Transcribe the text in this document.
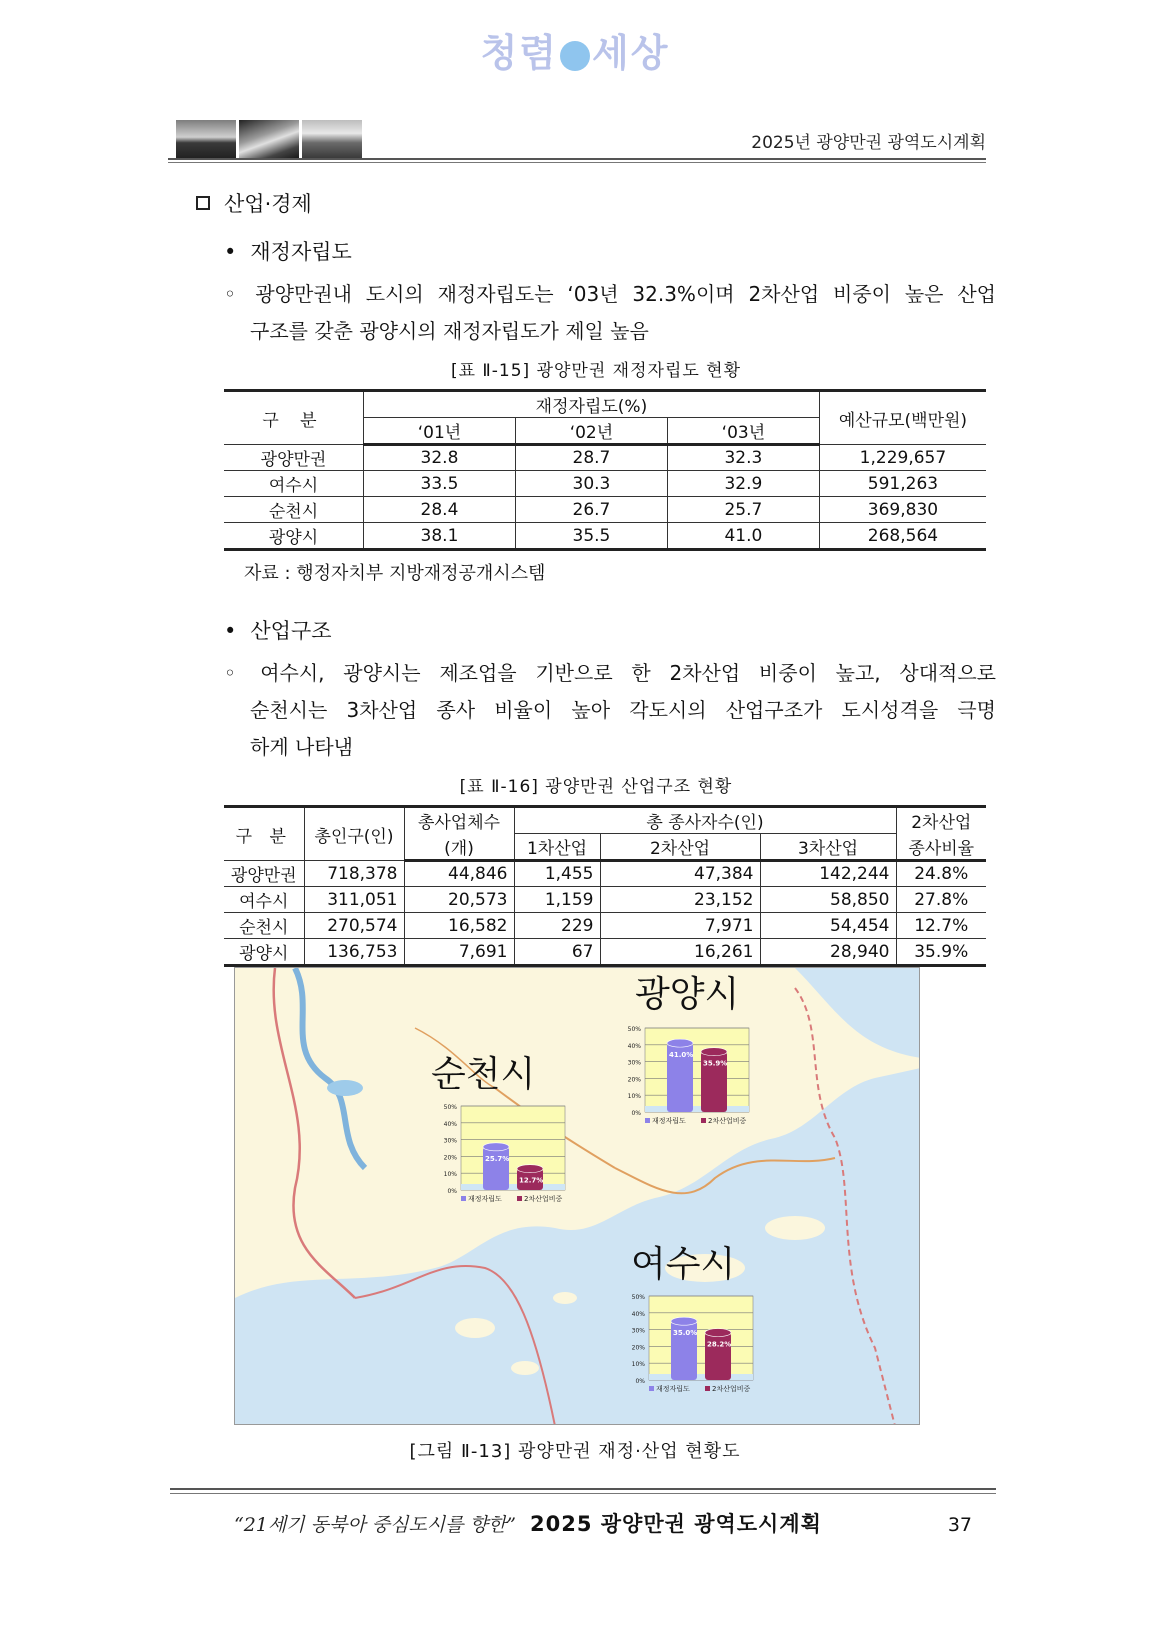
청렴 세상
2025년 광양만권 광역도시계획
산업·경제
• 재정자립도
◦ 광양만권내 도시의 재정자립도는 ‘03년 32.3%이며 2차산업 비중이 높은 산업
구조를 갖춘 광양시의 재정자립도가 제일 높음
[표 Ⅱ-15] 광양만권 재정자립도 현황
구 분	재정자립도(%)			예산규모(백만원)
	‘01년	‘02년	‘03년	
광양만권	32.8	28.7	32.3	1,229,657
여수시	33.5	30.3	32.9	591,263
순천시	28.4	26.7	25.7	369,830
광양시	38.1	35.5	41.0	268,564
자료 : 행정자치부 지방재정공개시스템
• 산업구조
◦ 여수시, 광양시는 제조업을 기반으로 한 2차산업 비중이 높고, 상대적으로
순천시는 3차산업 종사 비율이 높아 각도시의 산업구조가 도시성격을 극명
하게 나타냄
[표 Ⅱ-16] 광양만권 산업구조 현황
구 분	총인구(인)	총사업체수	총 종사자수(인)			2차산업
		(개)	1차산업	2차산업	3차산업	종사비율
광양만권	718,378	44,846	1,455	47,384	142,244	24.8%
여수시	311,051	20,573	1,159	23,152	58,850	27.8%
순천시	270,574	16,582	229	7,971	54,454	12.7%
광양시	136,753	7,691	67	16,261	28,940	35.9%
광양시
순천시
여수시
0%
10%
20%
30%
40%
50%
41.0%
35.9%
재정자립도	2차산업비중
0%
10%
20%
30%
40%
50%
25.7%
12.7%
재정자립도	2차산업비중
0%
10%
20%
30%
40%
50%
35.0%
28.2%
재정자립도	2차산업비중
[그림 Ⅱ-13] 광양만권 재정·산업 현황도
“21세기 동북아 중심도시를 향한” 2025 광양만권 광역도시계획	37
